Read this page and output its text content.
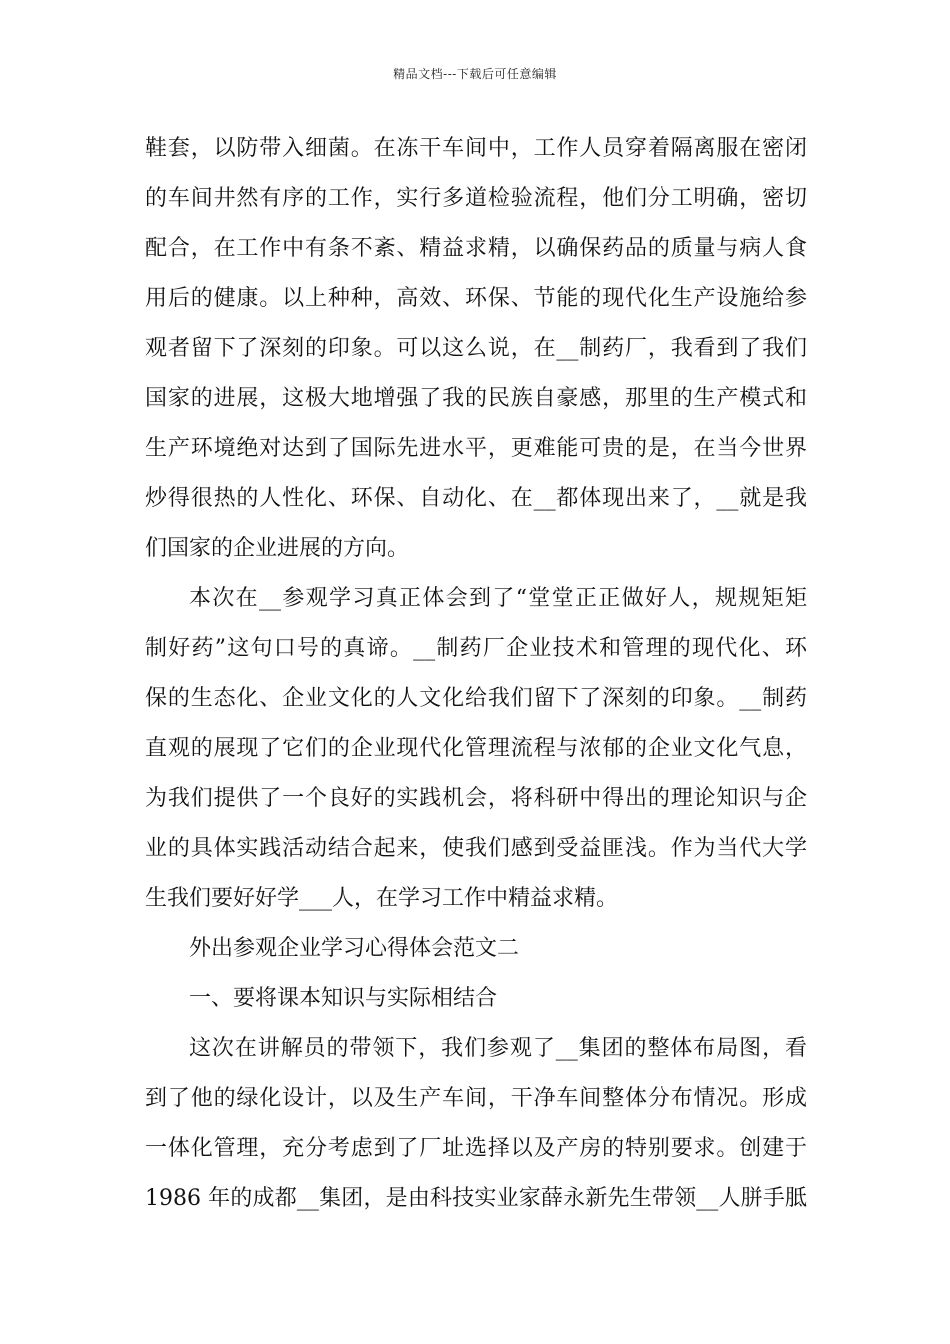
精品文档---下载后可任意编辑
鞋套，以防带入细菌。在冻干车间中，工作人员穿着隔离服在密闭
的车间井然有序的工作，实行多道检验流程，他们分工明确，密切
配合，在工作中有条不紊、精益求精，以确保药品的质量与病人食
用后的健康。以上种种，高效、环保、节能的现代化生产设施给参
观者留下了深刻的印象。可以这么说，在__制药厂，我看到了我们
国家的进展，这极大地增强了我的民族自豪感，那里的生产模式和
生产环境绝对达到了国际先进水平，更难能可贵的是，在当今世界
炒得很热的人性化、环保、自动化、在__都体现出来了，__就是我
们国家的企业进展的方向。
本次在__参观学习真正体会到了“堂堂正正做好人，规规矩矩
制好药”这句口号的真谛。__制药厂企业技术和管理的现代化、环
保的生态化、企业文化的人文化给我们留下了深刻的印象。__制药
直观的展现了它们的企业现代化管理流程与浓郁的企业文化气息，
为我们提供了一个良好的实践机会，将科研中得出的理论知识与企
业的具体实践活动结合起来，使我们感到受益匪浅。作为当代大学
生我们要好好学___人，在学习工作中精益求精。
外出参观企业学习心得体会范文二
一、要将课本知识与实际相结合
这次在讲解员的带领下，我们参观了__集团的整体布局图，看
到了他的绿化设计，以及生产车间，干净车间整体分布情况。形成
一体化管理，充分考虑到了厂址选择以及产房的特别要求。创建于
1986 年的成都__集团，是由科技实业家薛永新先生带领__人胼手胝
